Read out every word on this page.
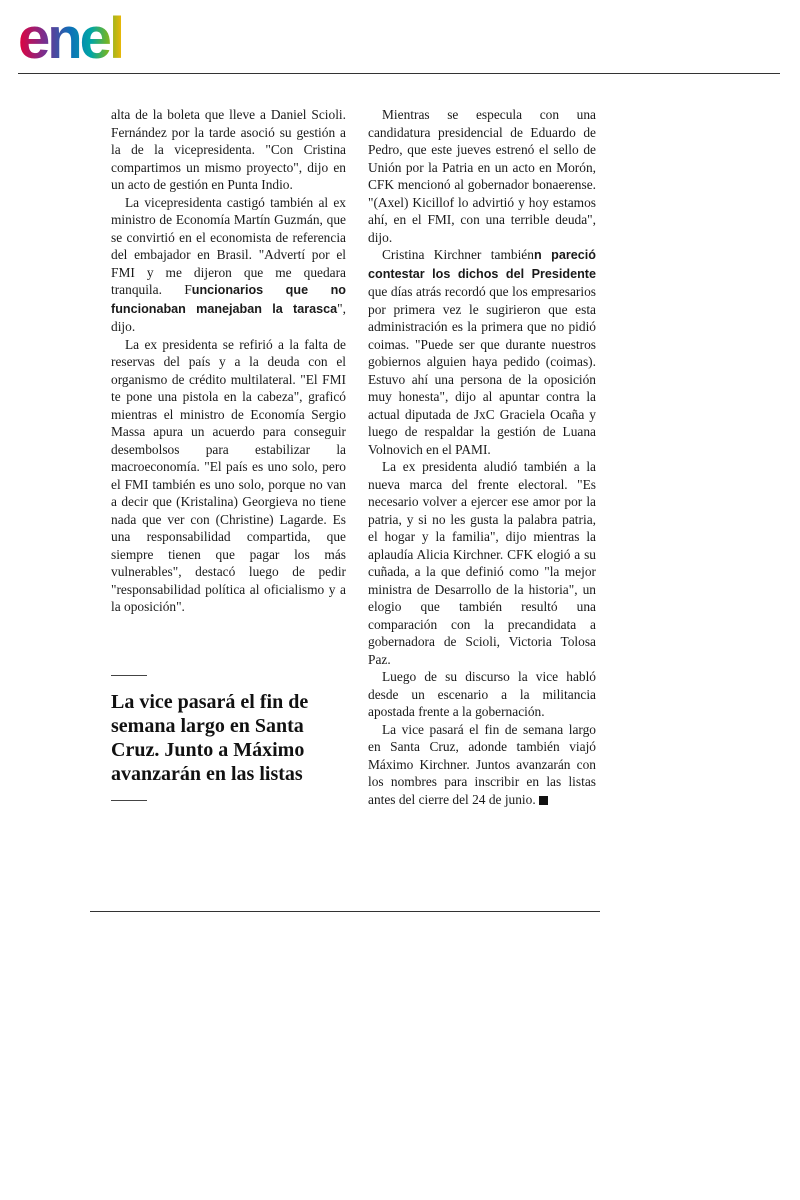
enel

alta de la boleta que lleve a Daniel Scioli. Fernández por la tarde asoció su gestión a la de la vicepresidenta. "Con Cristina compartimos un mismo proyecto", dijo en un acto de gestión en Punta Indio.

La vicepresidenta castigó también al ex ministro de Economía Martín Guzmán, que se convirtió en el economista de referencia del embajador en Brasil. "Advertí por el FMI y me dijeron que me quedara tranquila. Funcionarios que no funcionaban manejaban la tarasca", dijo.

La ex presidenta se refirió a la falta de reservas del país y a la deuda con el organismo de crédito multilateral. "El FMI te pone una pistola en la cabeza", graficó mientras el ministro de Economía Sergio Massa apura un acuerdo para conseguir desembolsos para estabilizar la macroeconomía. "El país es uno solo, pero el FMI también es uno solo, porque no van a decir que (Kristalina) Georgieva no tiene nada que ver con (Christine) Lagarde. Es una responsabilidad compartida, que siempre tienen que pagar los más vulnerables", destacó luego de pedir "responsabilidad política al oficialismo y a la oposición".

La vice pasará el fin de semana largo en Santa Cruz. Junto a Máximo avanzarán en las listas

Mientras se especula con una candidatura presidencial de Eduardo de Pedro, que este jueves estrenó el sello de Unión por la Patria en un acto en Morón, CFK mencionó al gobernador bonaerense. "(Axel) Kicillof lo advirtió y hoy estamos ahí, en el FMI, con una terrible deuda", dijo.

Cristina Kirchner tambiénn pareció contestar los dichos del Presidente que días atrás recordó que los empresarios por primera vez le sugirieron que esta administración es la primera que no pidió coimas. "Puede ser que durante nuestros gobiernos alguien haya pedido (coimas). Estuvo ahí una persona de la oposición muy honesta", dijo al apuntar contra la actual diputada de JxC Graciela Ocaña y luego de respaldar la gestión de Luana Volnovich en el PAMI.

La ex presidenta aludió también a la nueva marca del frente electoral. "Es necesario volver a ejercer ese amor por la patria, y si no les gusta la palabra patria, el hogar y la familia", dijo mientras la aplaudía Alicia Kirchner. CFK elogió a su cuñada, a la que definió como "la mejor ministra de Desarrollo de la historia", un elogio que también resultó una comparación con la precandidata a gobernadora de Scioli, Victoria Tolosa Paz.

Luego de su discurso la vice habló desde un escenario a la militancia apostada frente a la gobernación.

La vice pasará el fin de semana largo en Santa Cruz, adonde también viajó Máximo Kirchner. Juntos avanzarán con los nombres para inscribir en las listas antes del cierre del 24 de junio.
